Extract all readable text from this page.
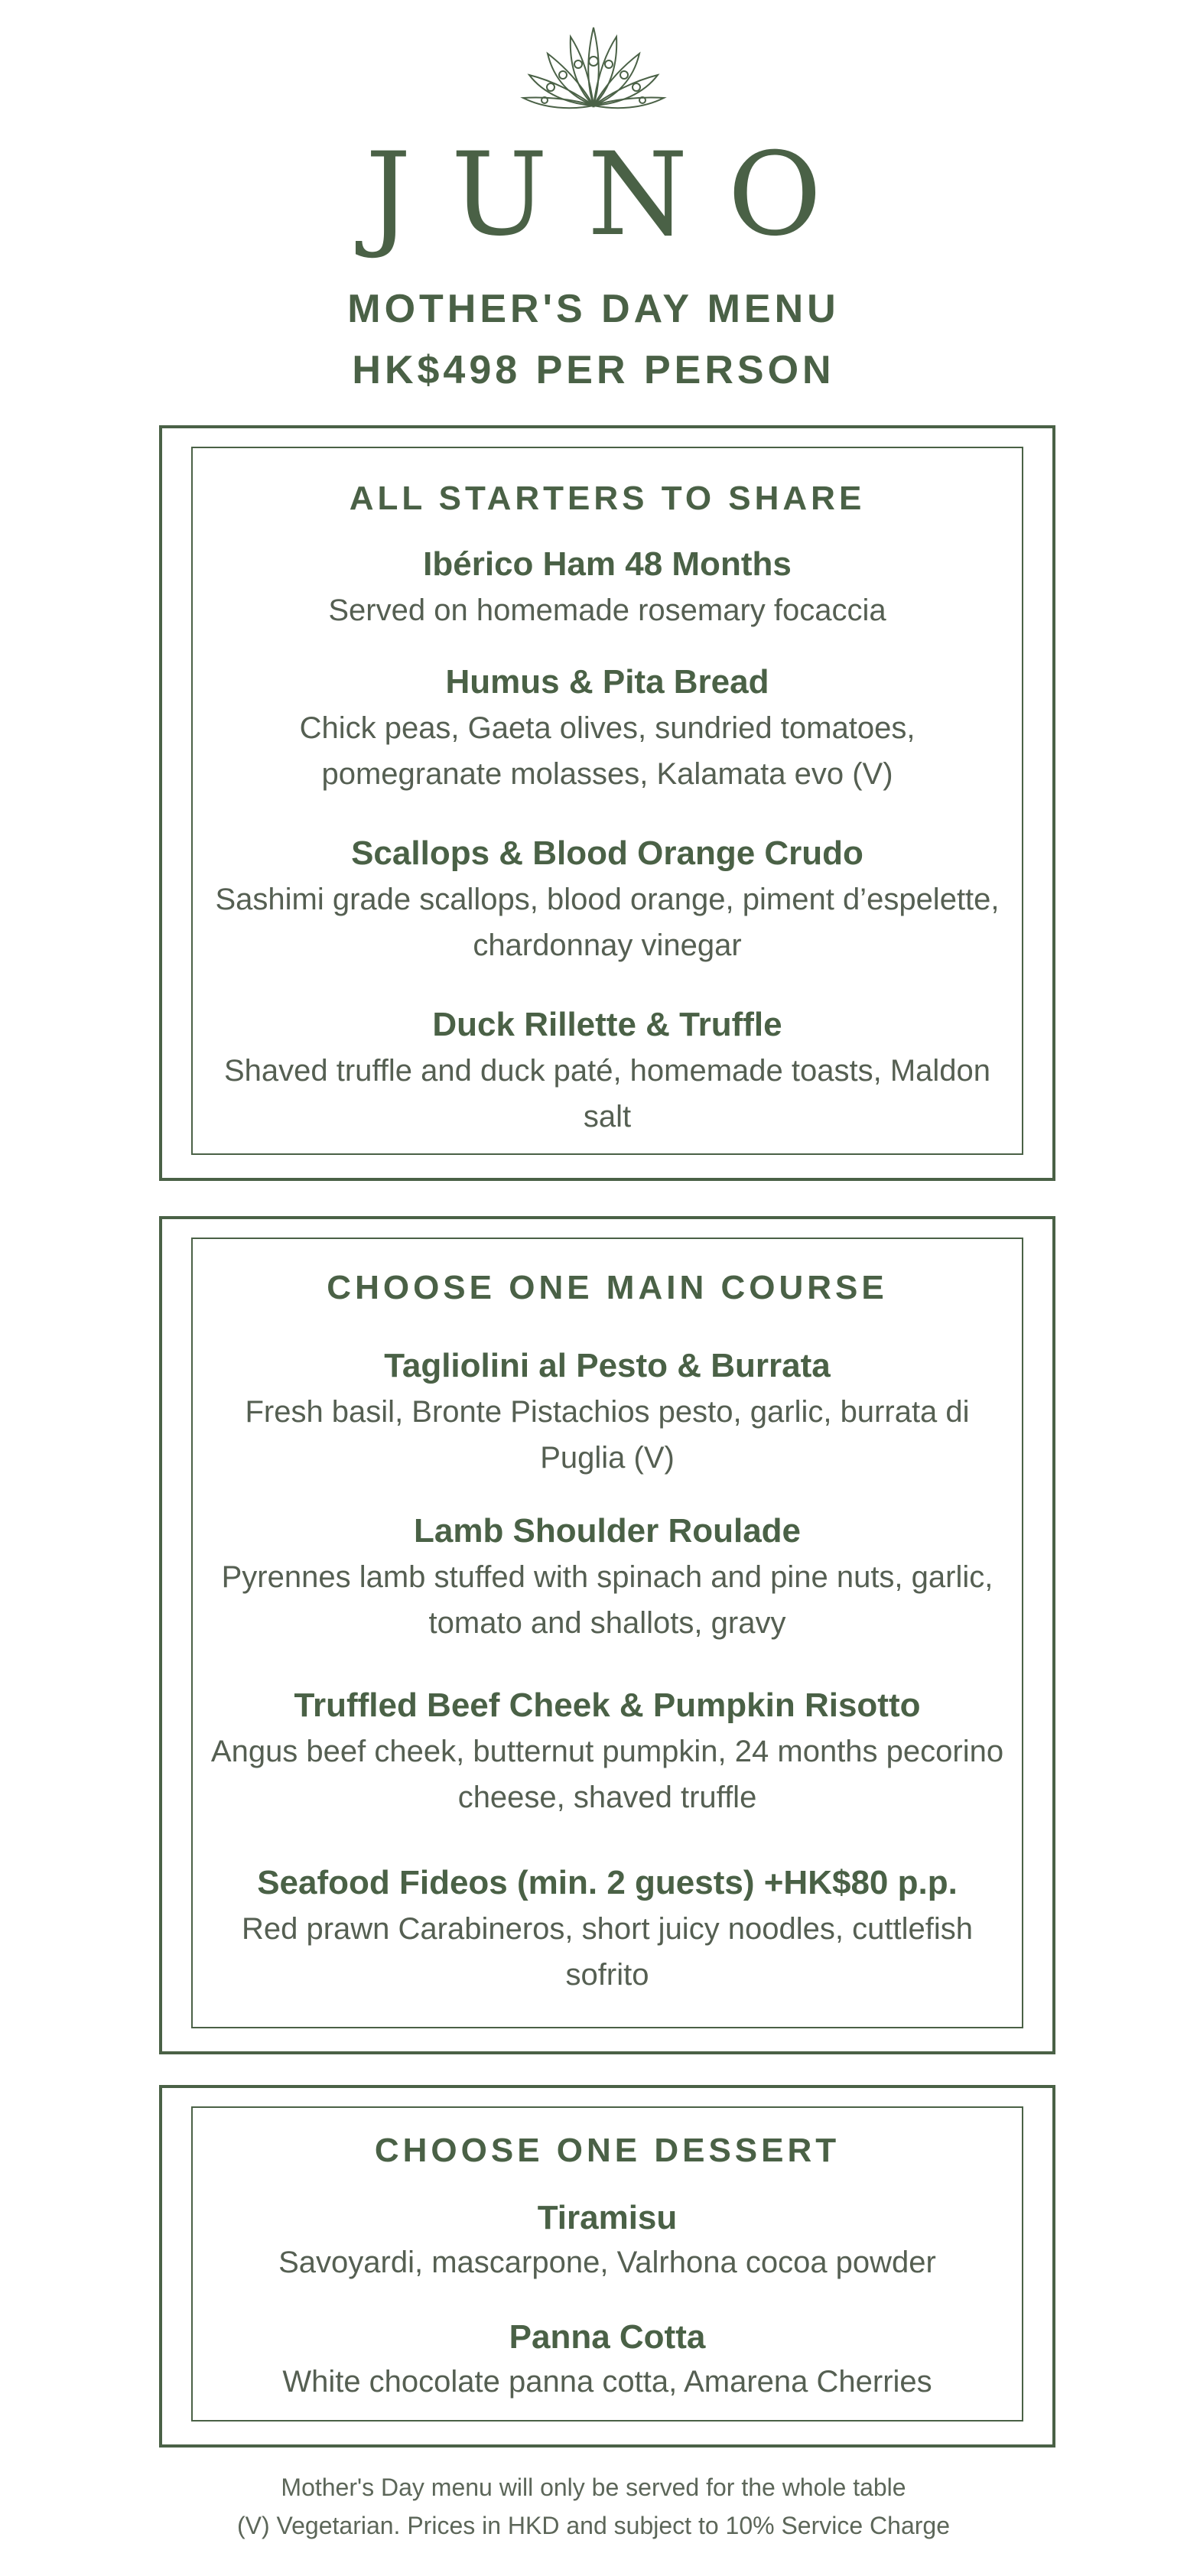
JUNO
MOTHER'S DAY MENU
HK$498 PER PERSON
ALL STARTERS TO SHARE
Ibérico Ham 48 Months
Served on homemade rosemary focaccia
Humus & Pita Bread
Chick peas, Gaeta olives, sundried tomatoes, pomegranate molasses, Kalamata evo (V)
Scallops & Blood Orange Crudo
Sashimi grade scallops, blood orange, piment d’espelette, chardonnay vinegar
Duck Rillette & Truffle
Shaved truffle and duck paté, homemade toasts, Maldon salt
CHOOSE ONE MAIN COURSE
Tagliolini al Pesto & Burrata
Fresh basil, Bronte Pistachios pesto, garlic, burrata di Puglia (V)
Lamb Shoulder Roulade
Pyrennes lamb stuffed with spinach and pine nuts, garlic, tomato and shallots, gravy
Truffled Beef Cheek & Pumpkin Risotto
Angus beef cheek, butternut pumpkin, 24 months pecorino cheese, shaved truffle
Seafood Fideos (min. 2 guests) +HK$80 p.p.
Red prawn Carabineros, short juicy noodles, cuttlefish sofrito
CHOOSE ONE DESSERT
Tiramisu
Savoyardi, mascarpone, Valrhona cocoa powder
Panna Cotta
White chocolate panna cotta, Amarena Cherries
Mother's Day menu will only be served for the whole table
(V) Vegetarian. Prices in HKD and subject to 10% Service Charge
